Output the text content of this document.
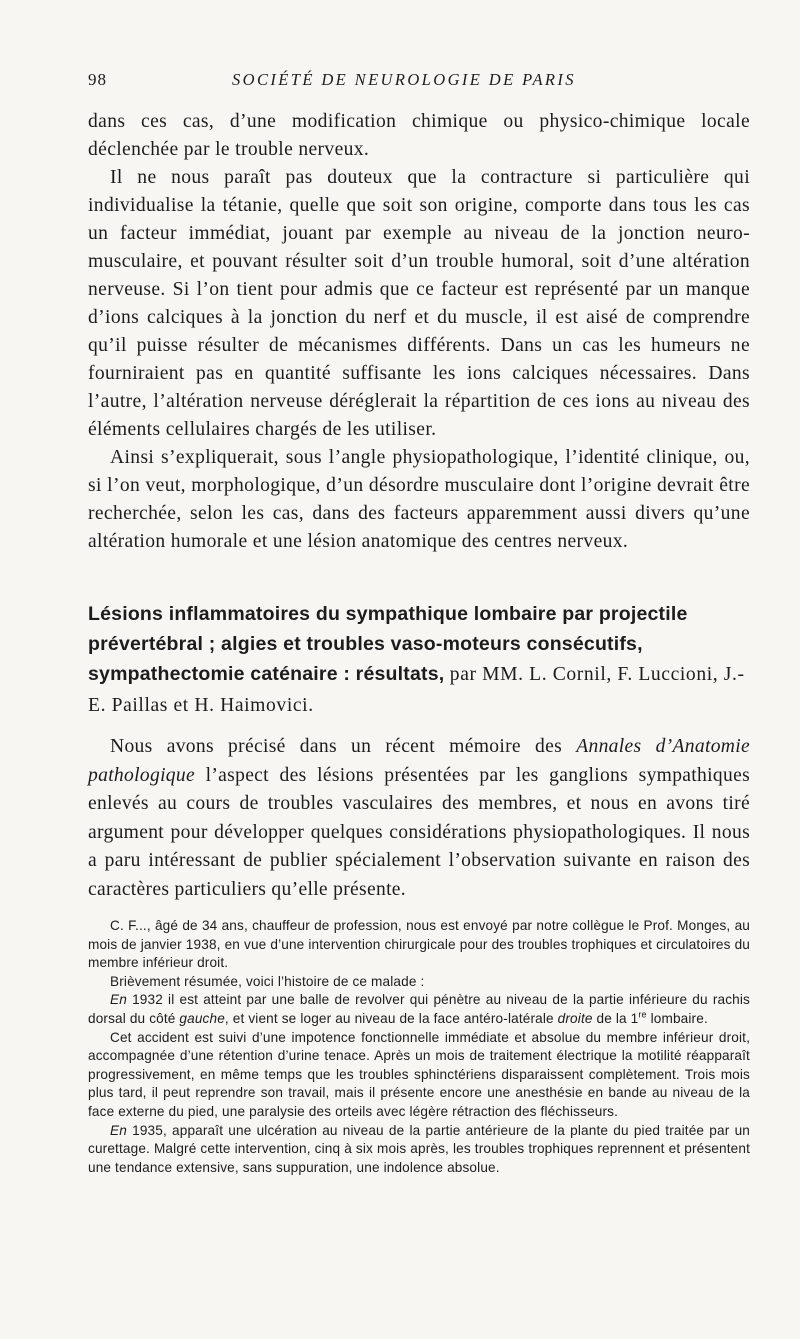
98	SOCIÉTÉ DE NEUROLOGIE DE PARIS

dans ces cas, d’une modification chimique ou physico-chimique locale déclenchée par le trouble nerveux.

Il ne nous paraît pas douteux que la contracture si particulière qui individualise la tétanie, quelle que soit son origine, comporte dans tous les cas un facteur immédiat, jouant par exemple au niveau de la jonction neuro-musculaire, et pouvant résulter soit d’un trouble humoral, soit d’une altération nerveuse. Si l’on tient pour admis que ce facteur est représenté par un manque d’ions calciques à la jonction du nerf et du muscle, il est aisé de comprendre qu’il puisse résulter de mécanismes différents. Dans un cas les humeurs ne fourniraient pas en quantité suffisante les ions calciques nécessaires. Dans l’autre, l’altération nerveuse déréglerait la répartition de ces ions au niveau des éléments cellulaires chargés de les utiliser.

Ainsi s’expliquerait, sous l’angle physiopathologique, l’identité clinique, ou, si l’on veut, morphologique, d’un désordre musculaire dont l’origine devrait être recherchée, selon les cas, dans des facteurs apparemment aussi divers qu’une altération humorale et une lésion anatomique des centres nerveux.

Lésions inflammatoires du sympathique lombaire par projectile prévertébral ; algies et troubles vaso-moteurs consécutifs, sympathectomie caténaire : résultats, par MM. L. Cornil, F. Luccioni, J.-E. Paillas et H. Haimovici.

Nous avons précisé dans un récent mémoire des Annales d’Anatomie pathologique l’aspect des lésions présentées par les ganglions sympathiques enlevés au cours de troubles vasculaires des membres, et nous en avons tiré argument pour développer quelques considérations physiopathologiques. Il nous a paru intéressant de publier spécialement l’observation suivante en raison des caractères particuliers qu’elle présente.

C. F..., âgé de 34 ans, chauffeur de profession, nous est envoyé par notre collègue le Prof. Monges, au mois de janvier 1938, en vue d’une intervention chirurgicale pour des troubles trophiques et circulatoires du membre inférieur droit.

Brièvement résumée, voici l’histoire de ce malade :

En 1932 il est atteint par une balle de revolver qui pénètre au niveau de la partie inférieure du rachis dorsal du côté gauche, et vient se loger au niveau de la face antéro-latérale droite de la 1re lombaire.

Cet accident est suivi d’une impotence fonctionnelle immédiate et absolue du membre inférieur droit, accompagnée d’une rétention d’urine tenace. Après un mois de traitement électrique la motilité réapparaît progressivement, en même temps que les troubles sphinctériens disparaissent complètement. Trois mois plus tard, il peut reprendre son travail, mais il présente encore une anesthésie en bande au niveau de la face externe du pied, une paralysie des orteils avec légère rétraction des fléchisseurs.

En 1935, apparaît une ulcération au niveau de la partie antérieure de la plante du pied traitée par un curettage. Malgré cette intervention, cinq à six mois après, les troubles trophiques reprennent et présentent une tendance extensive, sans suppuration, une indolence absolue.
